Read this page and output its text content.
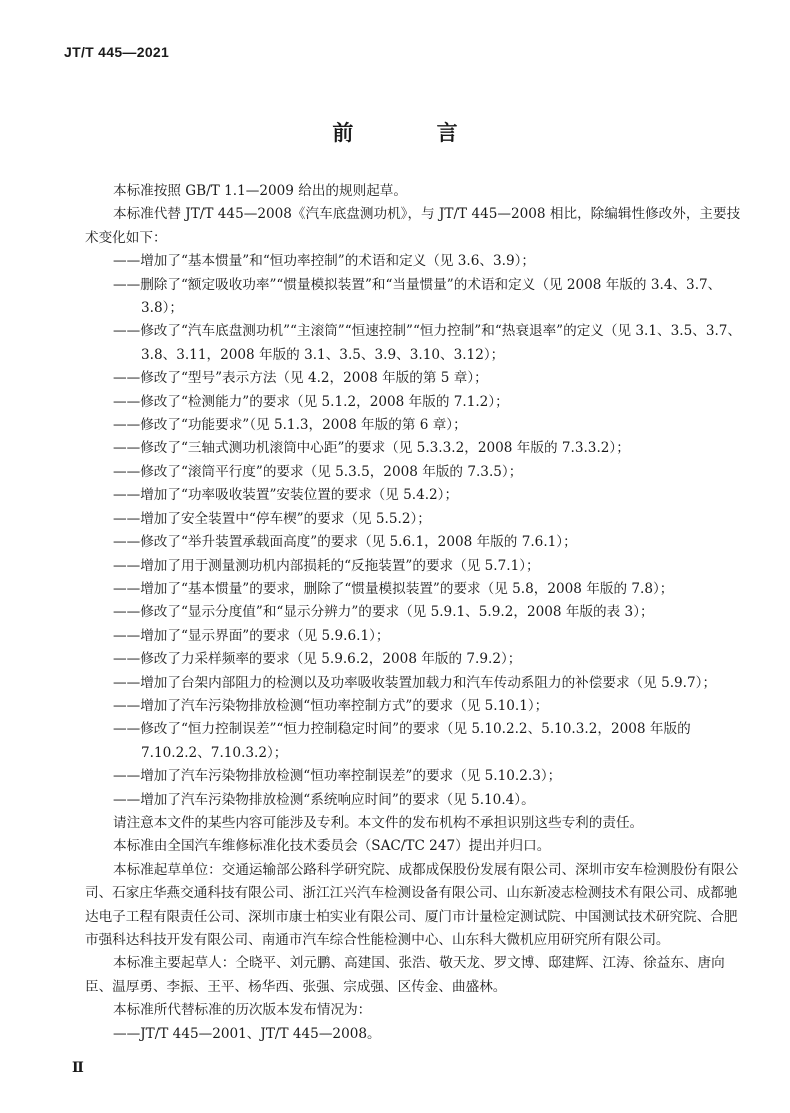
JT/T 445—2021
前 言

本标准按照 GB/T 1.1—2009 给出的规则起草。

本标准代替 JT/T 445—2008《汽车底盘测功机》，与 JT/T 445—2008 相比，除编辑性修改外，主要技术变化如下：

——增加了“基本惯量”和“恒功率控制”的术语和定义（见 3.6、3.9）；

——删除了“额定吸收功率”“惯量模拟装置”和“当量惯量”的术语和定义（见 2008 年版的 3.4、3.7、3.8）；

——修改了“汽车底盘测功机”“主滚筒”“恒速控制”“恒力控制”和“热衰退率”的定义（见 3.1、3.5、3.7、3.8、3.11，2008 年版的 3.1、3.5、3.9、3.10、3.12）；

——修改了“型号”表示方法（见 4.2，2008 年版的第 5 章）；

——修改了“检测能力”的要求（见 5.1.2，2008 年版的 7.1.2）；

——修改了“功能要求”（见 5.1.3，2008 年版的第 6 章）；

——修改了“三轴式测功机滚筒中心距”的要求（见 5.3.3.2，2008 年版的 7.3.3.2）；

——修改了“滚筒平行度”的要求（见 5.3.5，2008 年版的 7.3.5）；

——增加了“功率吸收装置”安装位置的要求（见 5.4.2）；

——增加了安全装置中“停车楔”的要求（见 5.5.2）；

——修改了“举升装置承载面高度”的要求（见 5.6.1，2008 年版的 7.6.1）；

——增加了用于测量测功机内部损耗的“反拖装置”的要求（见 5.7.1）；

——增加了“基本惯量”的要求，删除了“惯量模拟装置”的要求（见 5.8，2008 年版的 7.8）；

——修改了“显示分度值”和“显示分辨力”的要求（见 5.9.1、5.9.2，2008 年版的表 3）；

——增加了“显示界面”的要求（见 5.9.6.1）；

——修改了力采样频率的要求（见 5.9.6.2，2008 年版的 7.9.2）；

——增加了台架内部阻力的检测以及功率吸收装置加载力和汽车传动系阻力的补偿要求（见 5.9.7）；

——增加了汽车污染物排放检测“恒功率控制方式”的要求（见 5.10.1）；

——修改了“恒力控制误差”“恒力控制稳定时间”的要求（见 5.10.2.2、5.10.3.2，2008 年版的 7.10.2.2、7.10.3.2）；

——增加了汽车污染物排放检测“恒功率控制误差”的要求（见 5.10.2.3）；

——增加了汽车污染物排放检测“系统响应时间”的要求（见 5.10.4）。

请注意本文件的某些内容可能涉及专利。本文件的发布机构不承担识别这些专利的责任。

本标准由全国汽车维修标准化技术委员会（SAC/TC 247）提出并归口。

本标准起草单位：交通运输部公路科学研究院、成都成保股份发展有限公司、深圳市安车检测股份有限公司、石家庄华燕交通科技有限公司、浙江江兴汽车检测设备有限公司、山东新凌志检测技术有限公司、成都驰达电子工程有限责任公司、深圳市康士柏实业有限公司、厦门市计量检定测试院、中国测试技术研究院、合肥市强科达科技开发有限公司、南通市汽车综合性能检测中心、山东科大微机应用研究所有限公司。

本标准主要起草人：仝晓平、刘元鹏、高建国、张浩、敬天龙、罗文博、邸建辉、江涛、徐益东、唐向臣、温厚勇、李振、王平、杨华西、张强、宗成强、区传金、曲盛林。

本标准所代替标准的历次版本发布情况为：

——JT/T 445—2001、JT/T 445—2008。

Ⅱ
